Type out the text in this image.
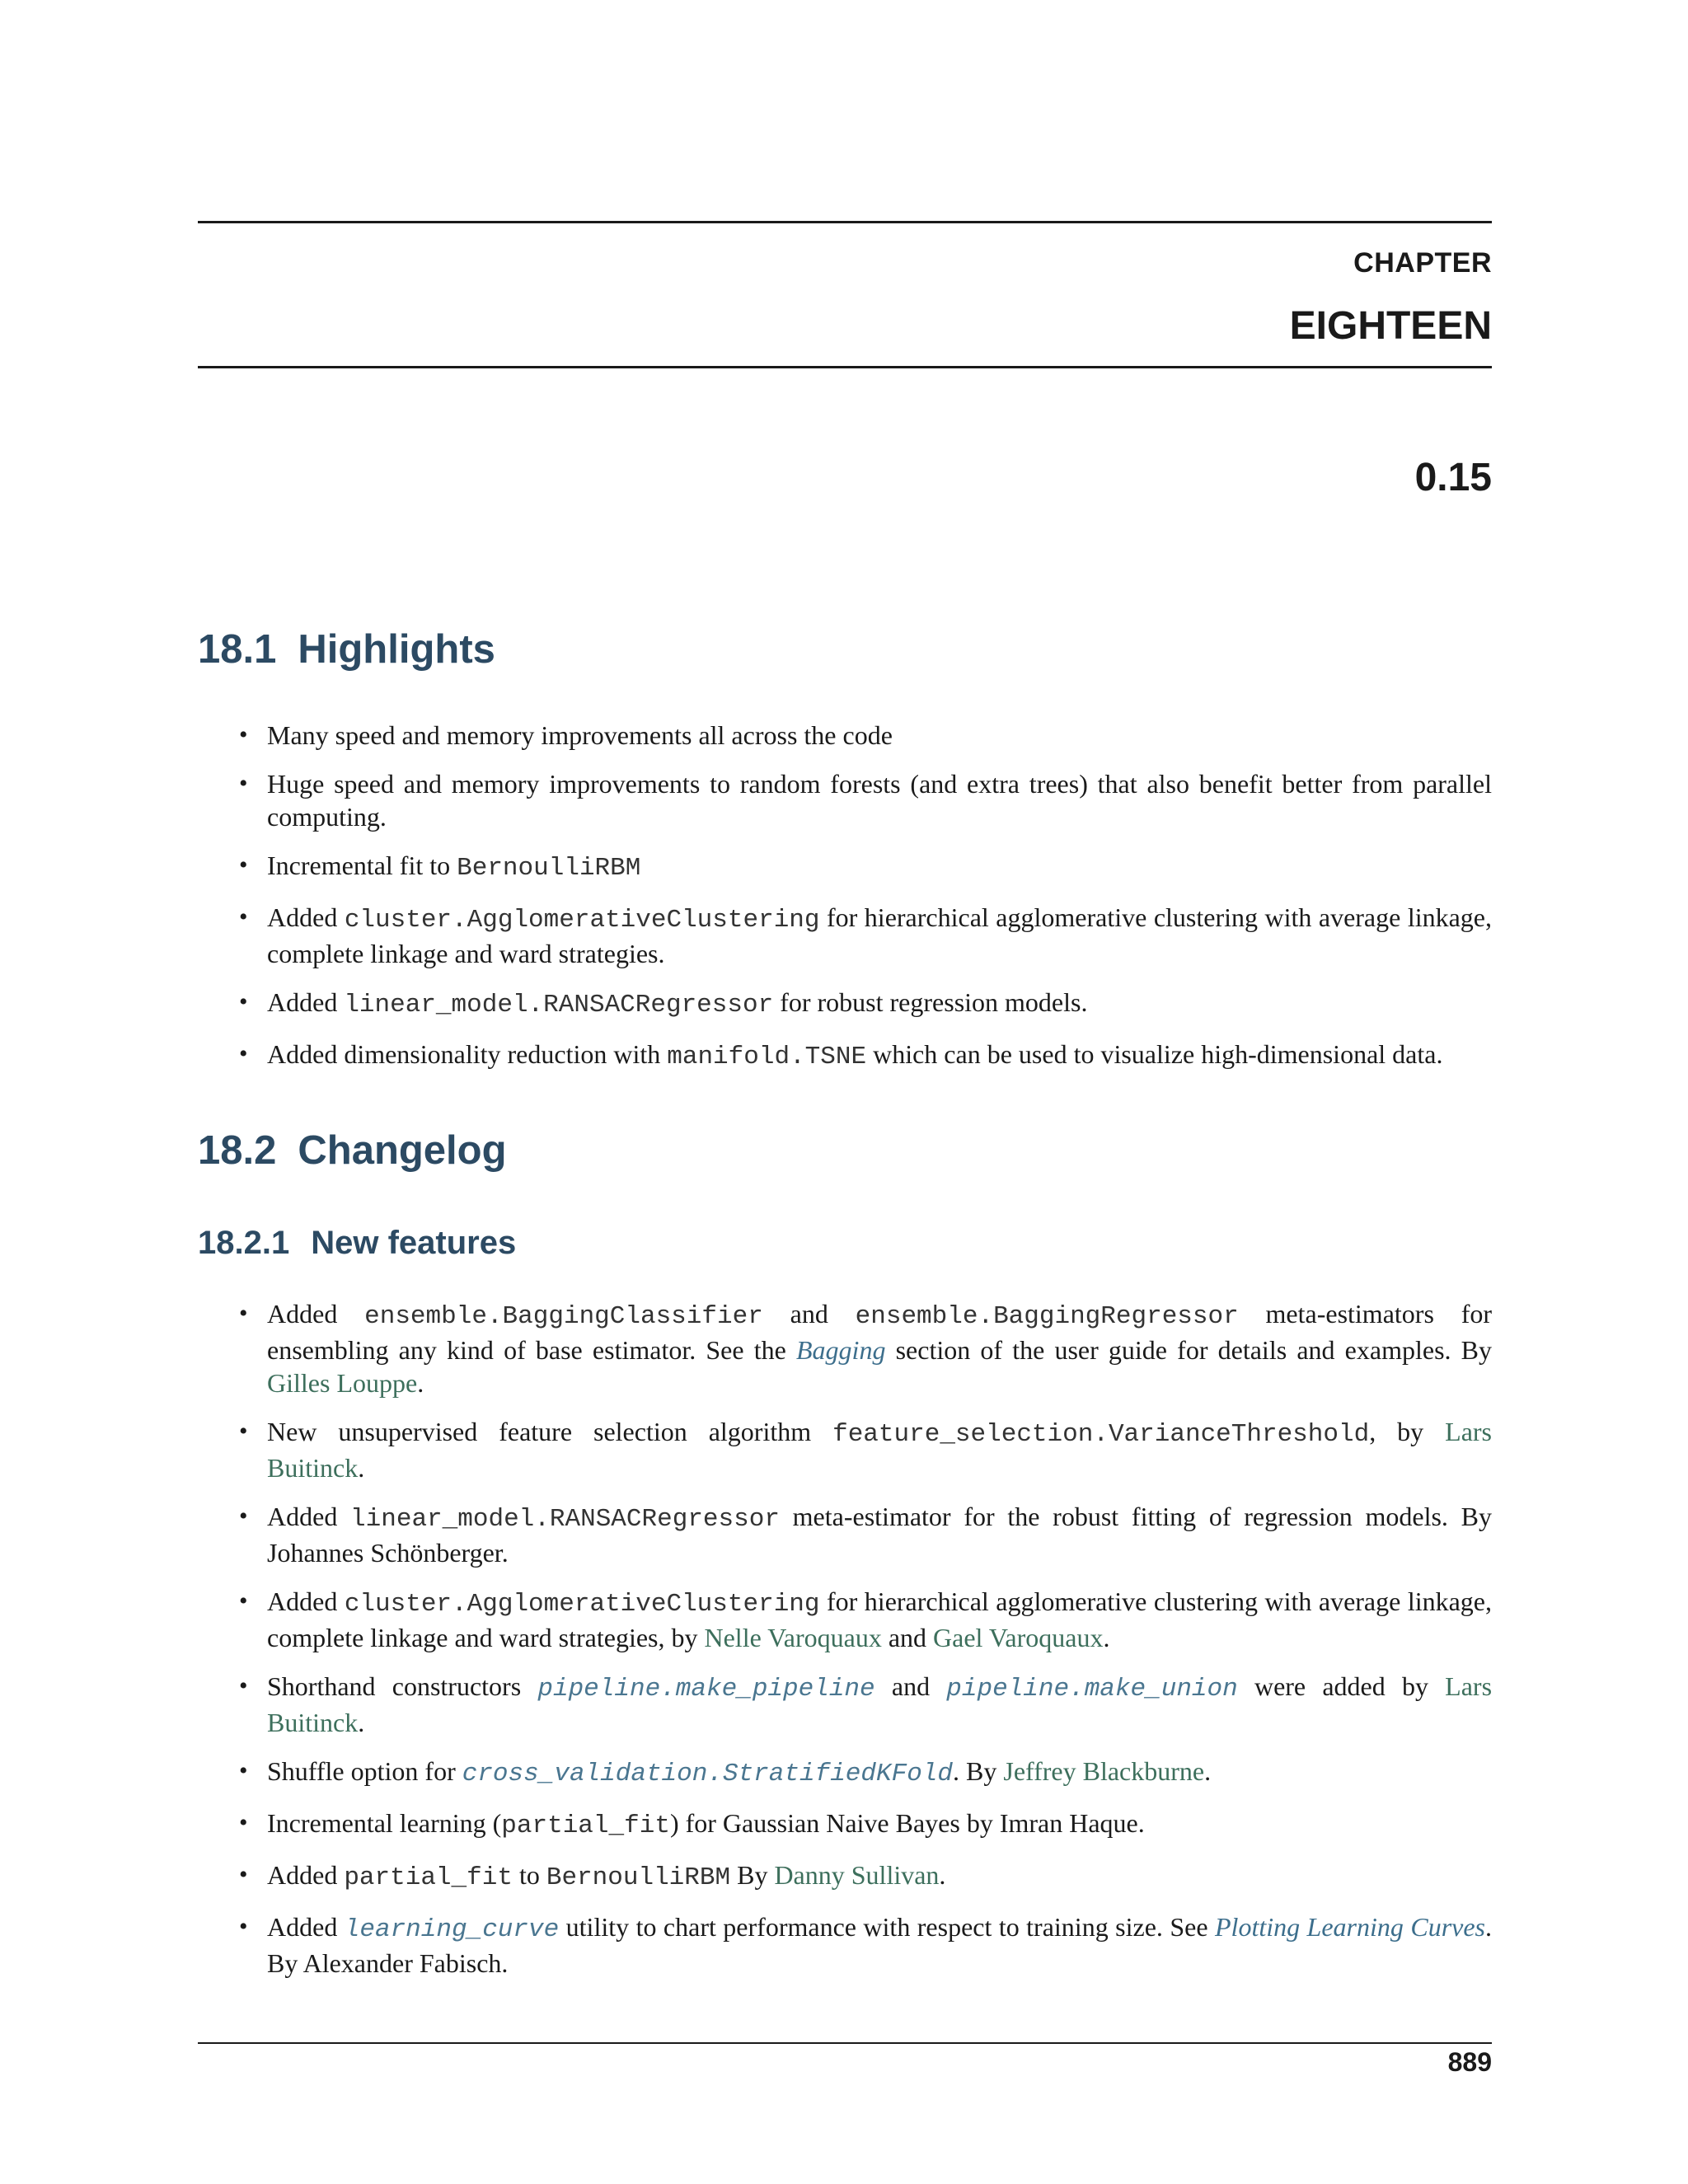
CHAPTER
EIGHTEEN
0.15
18.1 Highlights
• Many speed and memory improvements all across the code
• Huge speed and memory improvements to random forests (and extra trees) that also benefit better from parallel computing.
• Incremental fit to BernoulliRBM
• Added cluster.AgglomerativeClustering for hierarchical agglomerative clustering with average linkage, complete linkage and ward strategies.
• Added linear_model.RANSACRegressor for robust regression models.
• Added dimensionality reduction with manifold.TSNE which can be used to visualize high-dimensional data.
18.2 Changelog
18.2.1 New features
• Added ensemble.BaggingClassifier and ensemble.BaggingRegressor meta-estimators for ensembling any kind of base estimator. See the Bagging section of the user guide for details and examples. By Gilles Louppe.
• New unsupervised feature selection algorithm feature_selection.VarianceThreshold, by Lars Buitinck.
• Added linear_model.RANSACRegressor meta-estimator for the robust fitting of regression models. By Johannes Schönberger.
• Added cluster.AgglomerativeClustering for hierarchical agglomerative clustering with average linkage, complete linkage and ward strategies, by Nelle Varoquaux and Gael Varoquaux.
• Shorthand constructors pipeline.make_pipeline and pipeline.make_union were added by Lars Buitinck.
• Shuffle option for cross_validation.StratifiedKFold. By Jeffrey Blackburne.
• Incremental learning (partial_fit) for Gaussian Naive Bayes by Imran Haque.
• Added partial_fit to BernoulliRBM By Danny Sullivan.
• Added learning_curve utility to chart performance with respect to training size. See Plotting Learning Curves. By Alexander Fabisch.
889
